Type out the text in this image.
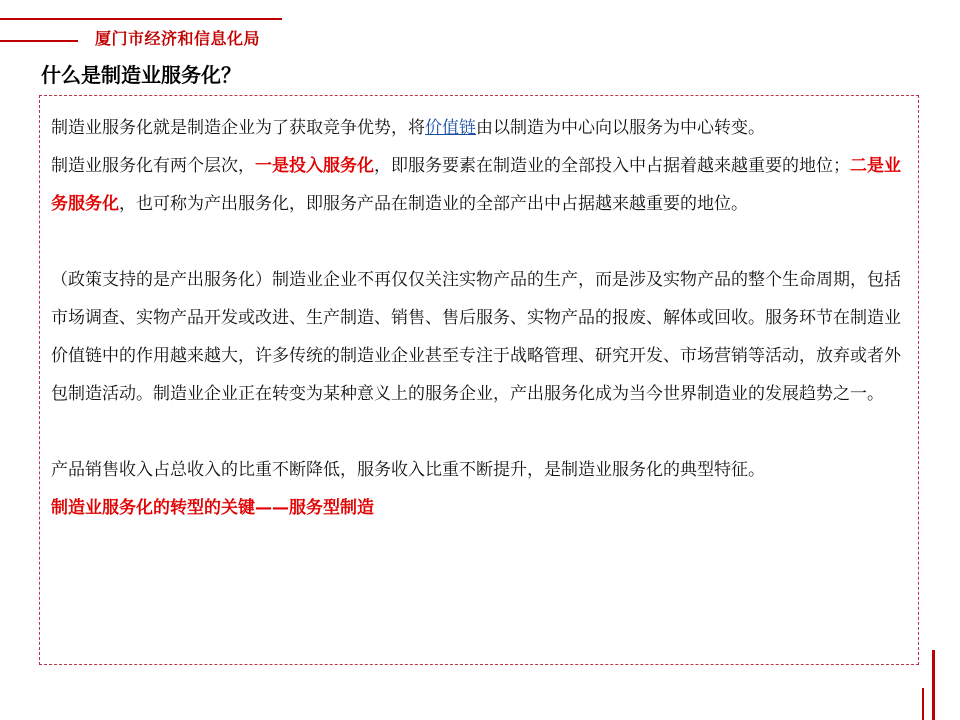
厦门市经济和信息化局
什么是制造业服务化？

制造业服务化就是制造企业为了获取竞争优势，将价值链由以制造为中心向以服务为中心转变。

制造业服务化有两个层次，一是投入服务化，即服务要素在制造业的全部投入中占据着越来越重要的地位；二是业务服务化，也可称为产出服务化，即服务产品在制造业的全部产出中占据越来越重要的地位。

（政策支持的是产出服务化）制造业企业不再仅仅关注实物产品的生产，而是涉及实物产品的整个生命周期，包括市场调查、实物产品开发或改进、生产制造、销售、售后服务、实物产品的报废、解体或回收。服务环节在制造业价值链中的作用越来越大，许多传统的制造业企业甚至专注于战略管理、研究开发、市场营销等活动，放弃或者外包制造活动。制造业企业正在转变为某种意义上的服务企业，产出服务化成为当今世界制造业的发展趋势之一。

产品销售收入占总收入的比重不断降低，服务收入比重不断提升，是制造业服务化的典型特征。

制造业服务化的转型的关键——服务型制造
